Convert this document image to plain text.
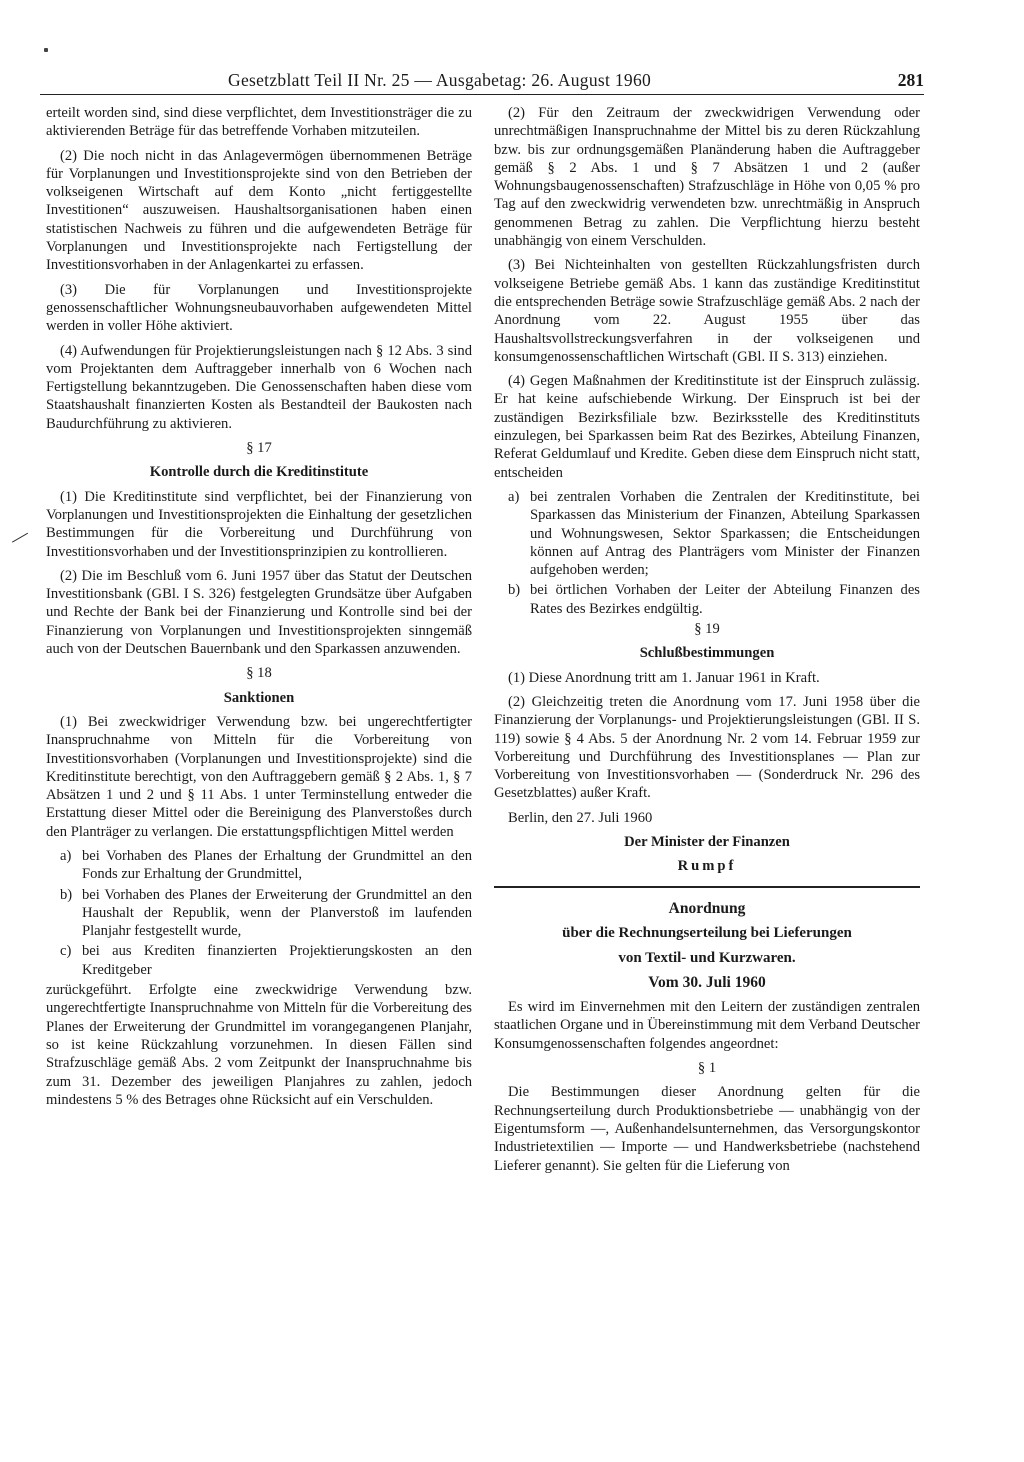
Gesetzblatt Teil II Nr. 25 — Ausgabetag: 26. August 1960	281

erteilt worden sind, sind diese verpflichtet, dem Investitionsträger die zu aktivierenden Beträge für das betreffende Vorhaben mitzuteilen.

(2) Die noch nicht in das Anlagevermögen übernommenen Beträge für Vorplanungen und Investitionsprojekte sind von den Betrieben der volkseigenen Wirtschaft auf dem Konto „nicht fertiggestellte Investitionen“ auszuweisen. Haushaltsorganisationen haben einen statistischen Nachweis zu führen und die aufgewendeten Beträge für Vorplanungen und Investitionsprojekte nach Fertigstellung der Investitionsvorhaben in der Anlagenkartei zu erfassen.

(3) Die für Vorplanungen und Investitionsprojekte genossenschaftlicher Wohnungsneubauvorhaben aufgewendeten Mittel werden in voller Höhe aktiviert.

(4) Aufwendungen für Projektierungsleistungen nach § 12 Abs. 3 sind vom Projektanten dem Auftraggeber innerhalb von 6 Wochen nach Fertigstellung bekanntzugeben. Die Genossenschaften haben diese vom Staatshaushalt finanzierten Kosten als Bestandteil der Baukosten nach Baudurchführung zu aktivieren.

§ 17

Kontrolle durch die Kreditinstitute

(1) Die Kreditinstitute sind verpflichtet, bei der Finanzierung von Vorplanungen und Investitionsprojekten die Einhaltung der gesetzlichen Bestimmungen für die Vorbereitung und Durchführung von Investitionsvorhaben und der Investitionsprinzipien zu kontrollieren.

(2) Die im Beschluß vom 6. Juni 1957 über das Statut der Deutschen Investitionsbank (GBl. I S. 326) festgelegten Grundsätze über Aufgaben und Rechte der Bank bei der Finanzierung und Kontrolle sind bei der Finanzierung von Vorplanungen und Investitionsprojekten sinngemäß auch von der Deutschen Bauernbank und den Sparkassen anzuwenden.

§ 18

Sanktionen

(1) Bei zweckwidriger Verwendung bzw. bei ungerechtfertigter Inanspruchnahme von Mitteln für die Vorbereitung von Investitionsvorhaben (Vorplanungen und Investitionsprojekte) sind die Kreditinstitute berechtigt, von den Auftraggebern gemäß § 2 Abs. 1, § 7 Absätzen 1 und 2 und § 11 Abs. 1 unter Terminstellung entweder die Erstattung dieser Mittel oder die Bereinigung des Planverstoßes durch den Planträger zu verlangen. Die erstattungspflichtigen Mittel werden

a) bei Vorhaben des Planes der Erhaltung der Grundmittel an den Fonds zur Erhaltung der Grundmittel,
b) bei Vorhaben des Planes der Erweiterung der Grundmittel an den Haushalt der Republik, wenn der Planverstoß im laufenden Planjahr festgestellt wurde,
c) bei aus Krediten finanzierten Projektierungskosten an den Kreditgeber

zurückgeführt. Erfolgte eine zweckwidrige Verwendung bzw. ungerechtfertigte Inanspruchnahme von Mitteln für die Vorbereitung des Planes der Erweiterung der Grundmittel im vorangegangenen Planjahr, so ist keine Rückzahlung vorzunehmen. In diesen Fällen sind Strafzuschläge gemäß Abs. 2 vom Zeitpunkt der Inanspruchnahme bis zum 31. Dezember des jeweiligen Planjahres zu zahlen, jedoch mindestens 5 % des Betrages ohne Rücksicht auf ein Verschulden.

(2) Für den Zeitraum der zweckwidrigen Verwendung oder unrechtmäßigen Inanspruchnahme der Mittel bis zu deren Rückzahlung bzw. bis zur ordnungsgemäßen Planänderung haben die Auftraggeber gemäß § 2 Abs. 1 und § 7 Absätzen 1 und 2 (außer Wohnungsbaugenossenschaften) Strafzuschläge in Höhe von 0,05 % pro Tag auf den zweckwidrig verwendeten bzw. unrechtmäßig in Anspruch genommenen Betrag zu zahlen. Die Verpflichtung hierzu besteht unabhängig von einem Verschulden.

(3) Bei Nichteinhalten von gestellten Rückzahlungsfristen durch volkseigene Betriebe gemäß Abs. 1 kann das zuständige Kreditinstitut die entsprechenden Beträge sowie Strafzuschläge gemäß Abs. 2 nach der Anordnung vom 22. August 1955 über das Haushaltsvollstreckungsverfahren in der volkseigenen und konsumgenossenschaftlichen Wirtschaft (GBl. II S. 313) einziehen.

(4) Gegen Maßnahmen der Kreditinstitute ist der Einspruch zulässig. Er hat keine aufschiebende Wirkung. Der Einspruch ist bei der zuständigen Bezirksfiliale bzw. Bezirksstelle des Kreditinstituts einzulegen, bei Sparkassen beim Rat des Bezirkes, Abteilung Finanzen, Referat Geldumlauf und Kredite. Geben diese dem Einspruch nicht statt, entscheiden

a) bei zentralen Vorhaben die Zentralen der Kreditinstitute, bei Sparkassen das Ministerium der Finanzen, Abteilung Sparkassen und Wohnungswesen, Sektor Sparkassen; die Entscheidungen können auf Antrag des Planträgers vom Minister der Finanzen aufgehoben werden;
b) bei örtlichen Vorhaben der Leiter der Abteilung Finanzen des Rates des Bezirkes endgültig.

§ 19

Schlußbestimmungen

(1) Diese Anordnung tritt am 1. Januar 1961 in Kraft.

(2) Gleichzeitig treten die Anordnung vom 17. Juni 1958 über die Finanzierung der Vorplanungs- und Projektierungsleistungen (GBl. II S. 119) sowie § 4 Abs. 5 der Anordnung Nr. 2 vom 14. Februar 1959 zur Vorbereitung und Durchführung des Investitionsplanes — Plan zur Vorbereitung von Investitionsvorhaben — (Sonderdruck Nr. 296 des Gesetzblattes) außer Kraft.

Berlin, den 27. Juli 1960

Der Minister der Finanzen

Rumpf

Anordnung

über die Rechnungserteilung bei Lieferungen

von Textil- und Kurzwaren.

Vom 30. Juli 1960

Es wird im Einvernehmen mit den Leitern der zuständigen zentralen staatlichen Organe und in Übereinstimmung mit dem Verband Deutscher Konsumgenossenschaften folgendes angeordnet:

§ 1

Die Bestimmungen dieser Anordnung gelten für die Rechnungserteilung durch Produktionsbetriebe — unabhängig von der Eigentumsform —, Außenhandelsunternehmen, das Versorgungskontor Industrietextilien — Importe — und Handwerksbetriebe (nachstehend Lieferer genannt). Sie gelten für die Lieferung von
